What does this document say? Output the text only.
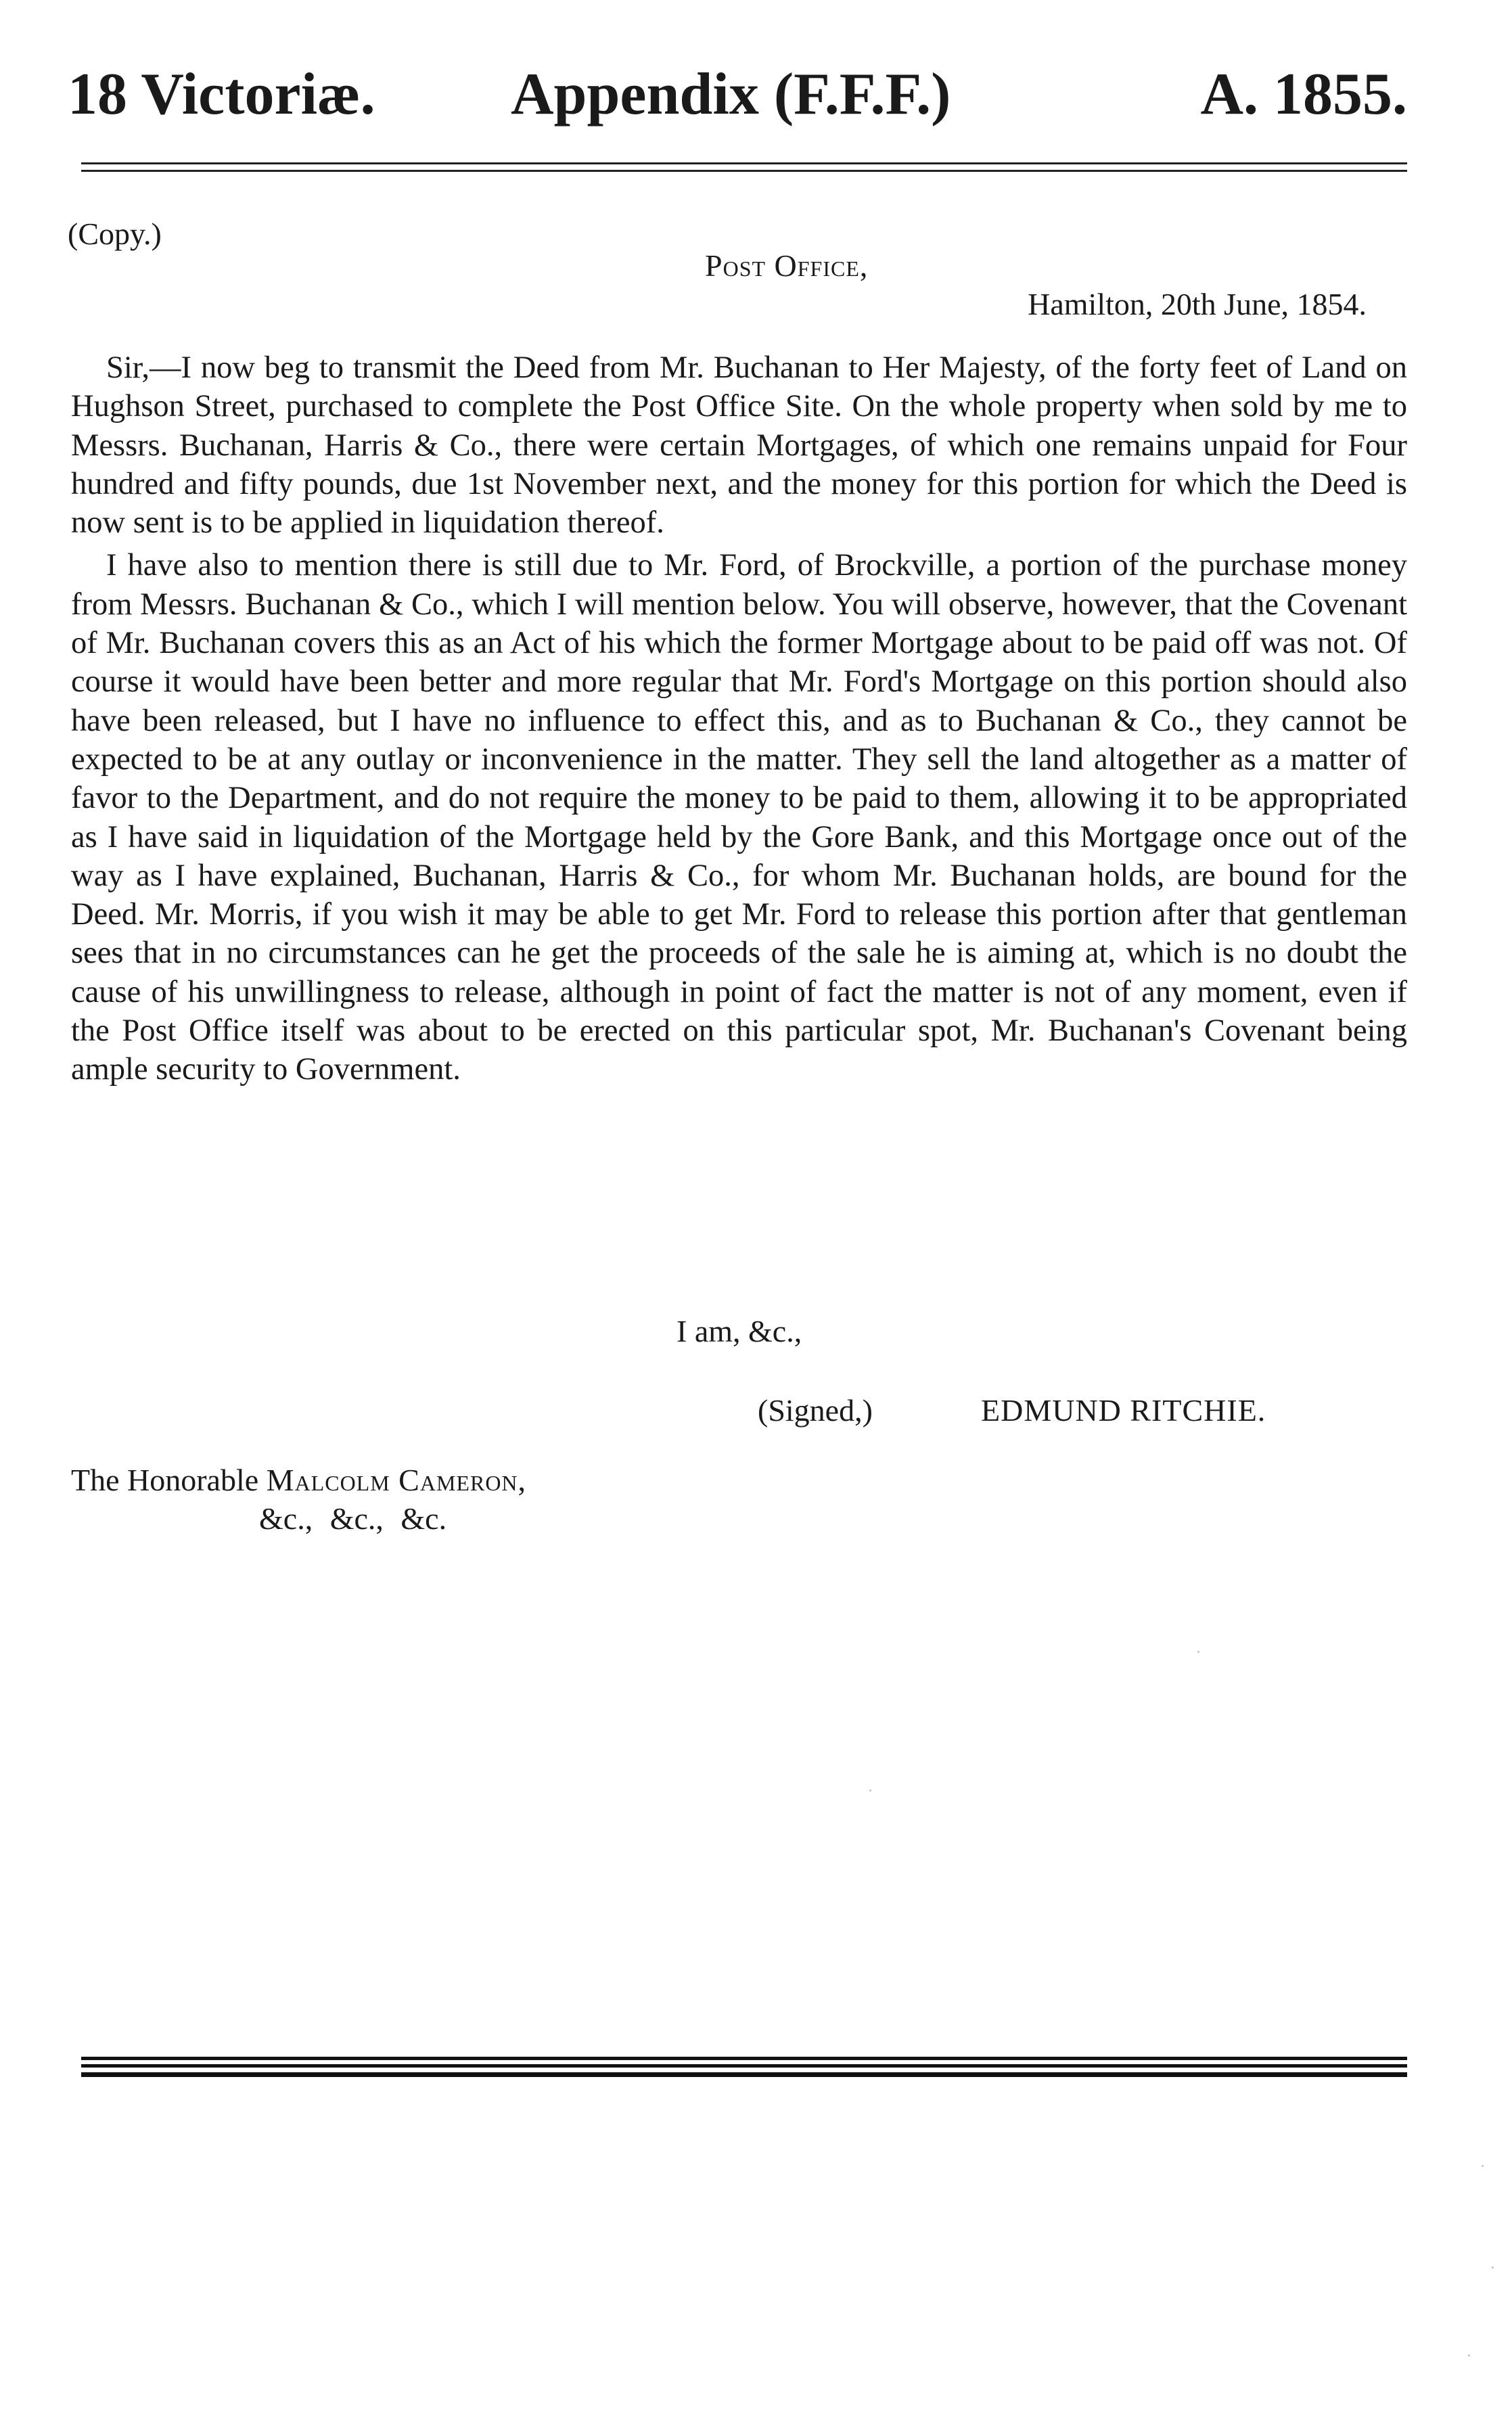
18 Victoriæ. Appendix (F.F.F.)	A. 1855.
(Copy.)
Post Office,
Hamilton, 20th June, 1854.

Sir,—I now beg to transmit the Deed from Mr. Buchanan to Her Majesty, of the forty feet of Land on Hughson Street, purchased to complete the Post Office Site. On the whole property when sold by me to Messrs. Buchanan, Harris & Co., there were certain Mortgages, of which one remains unpaid for Four hundred and fifty pounds, due 1st November next, and the money for this portion for which the Deed is now sent is to be applied in liquidation thereof.

I have also to mention there is still due to Mr. Ford, of Brockville, a portion of the purchase money from Messrs. Buchanan & Co., which I will mention below. You will observe, however, that the Covenant of Mr. Buchanan covers this as an Act of his which the former Mortgage about to be paid off was not. Of course it would have been better and more regular that Mr. Ford's Mortgage on this portion should also have been released, but I have no influence to effect this, and as to Buchanan & Co., they cannot be expected to be at any outlay or inconvenience in the matter. They sell the land altogether as a matter of favor to the Department, and do not require the money to be paid to them, allowing it to be appropriated as I have said in liquidation of the Mortgage held by the Gore Bank, and this Mortgage once out of the way as I have explained, Buchanan, Harris & Co., for whom Mr. Buchanan holds, are bound for the Deed. Mr. Morris, if you wish it may be able to get Mr. Ford to release this portion after that gentleman sees that in no circumstances can he get the proceeds of the sale he is aiming at, which is no doubt the cause of his unwillingness to release, although in point of fact the matter is not of any moment, even if the Post Office itself was about to be erected on this particular spot, Mr. Buchanan's Covenant being ample security to Government.

I am, &c.,
(Signed,)	EDMUND RITCHIE.
The Honorable Malcolm Cameron,
&c., &c., &c.
